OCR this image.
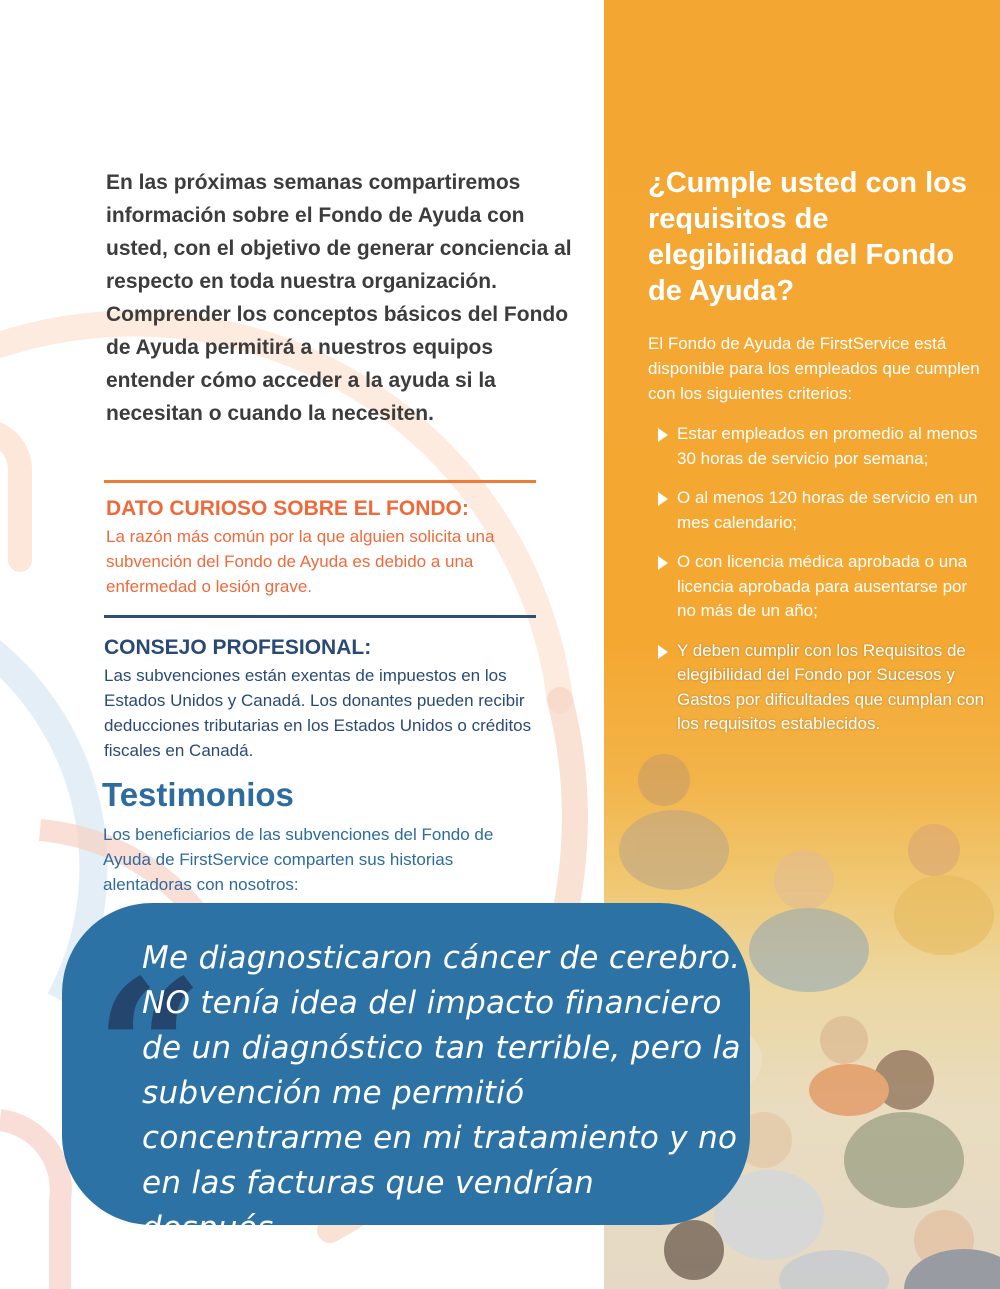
¿Cumple usted con los requisitos de elegibilidad del Fondo de Ayuda?

El Fondo de Ayuda de FirstService está disponible para los empleados que cumplen con los siguientes criterios:

Estar empleados en promedio al menos 30 horas de servicio por semana;
O al menos 120 horas de servicio en un mes calendario;
O con licencia médica aprobada o una licencia aprobada para ausentarse por no más de un año;
Y deben cumplir con los Requisitos de elegibilidad del Fondo por Sucesos y Gastos por dificultades que cumplan con los requisitos establecidos.

En las próximas semanas compartiremos información sobre el Fondo de Ayuda con usted, con el objetivo de generar conciencia al respecto en toda nuestra organización. Comprender los conceptos básicos del Fondo de Ayuda permitirá a nuestros equipos entender cómo acceder a la ayuda si la necesitan o cuando la necesiten.

DATO CURIOSO SOBRE EL FONDO:

La razón más común por la que alguien solicita una subvención del Fondo de Ayuda es debido a una enfermedad o lesión grave.

CONSEJO PROFESIONAL:

Las subvenciones están exentas de impuestos en los Estados Unidos y Canadá. Los donantes pueden recibir deducciones tributarias en los Estados Unidos o créditos fiscales en Canadá.

Testimonios

Los beneficiarios de las subvenciones del Fondo de Ayuda de FirstService comparten sus historias alentadoras con nosotros:

“

Me diagnosticaron cáncer de cerebro. NO tenía idea del impacto financiero de un diagnóstico tan terrible, pero la subvención me permitió concentrarme en mi tratamiento y no en las facturas que vendrían después.
